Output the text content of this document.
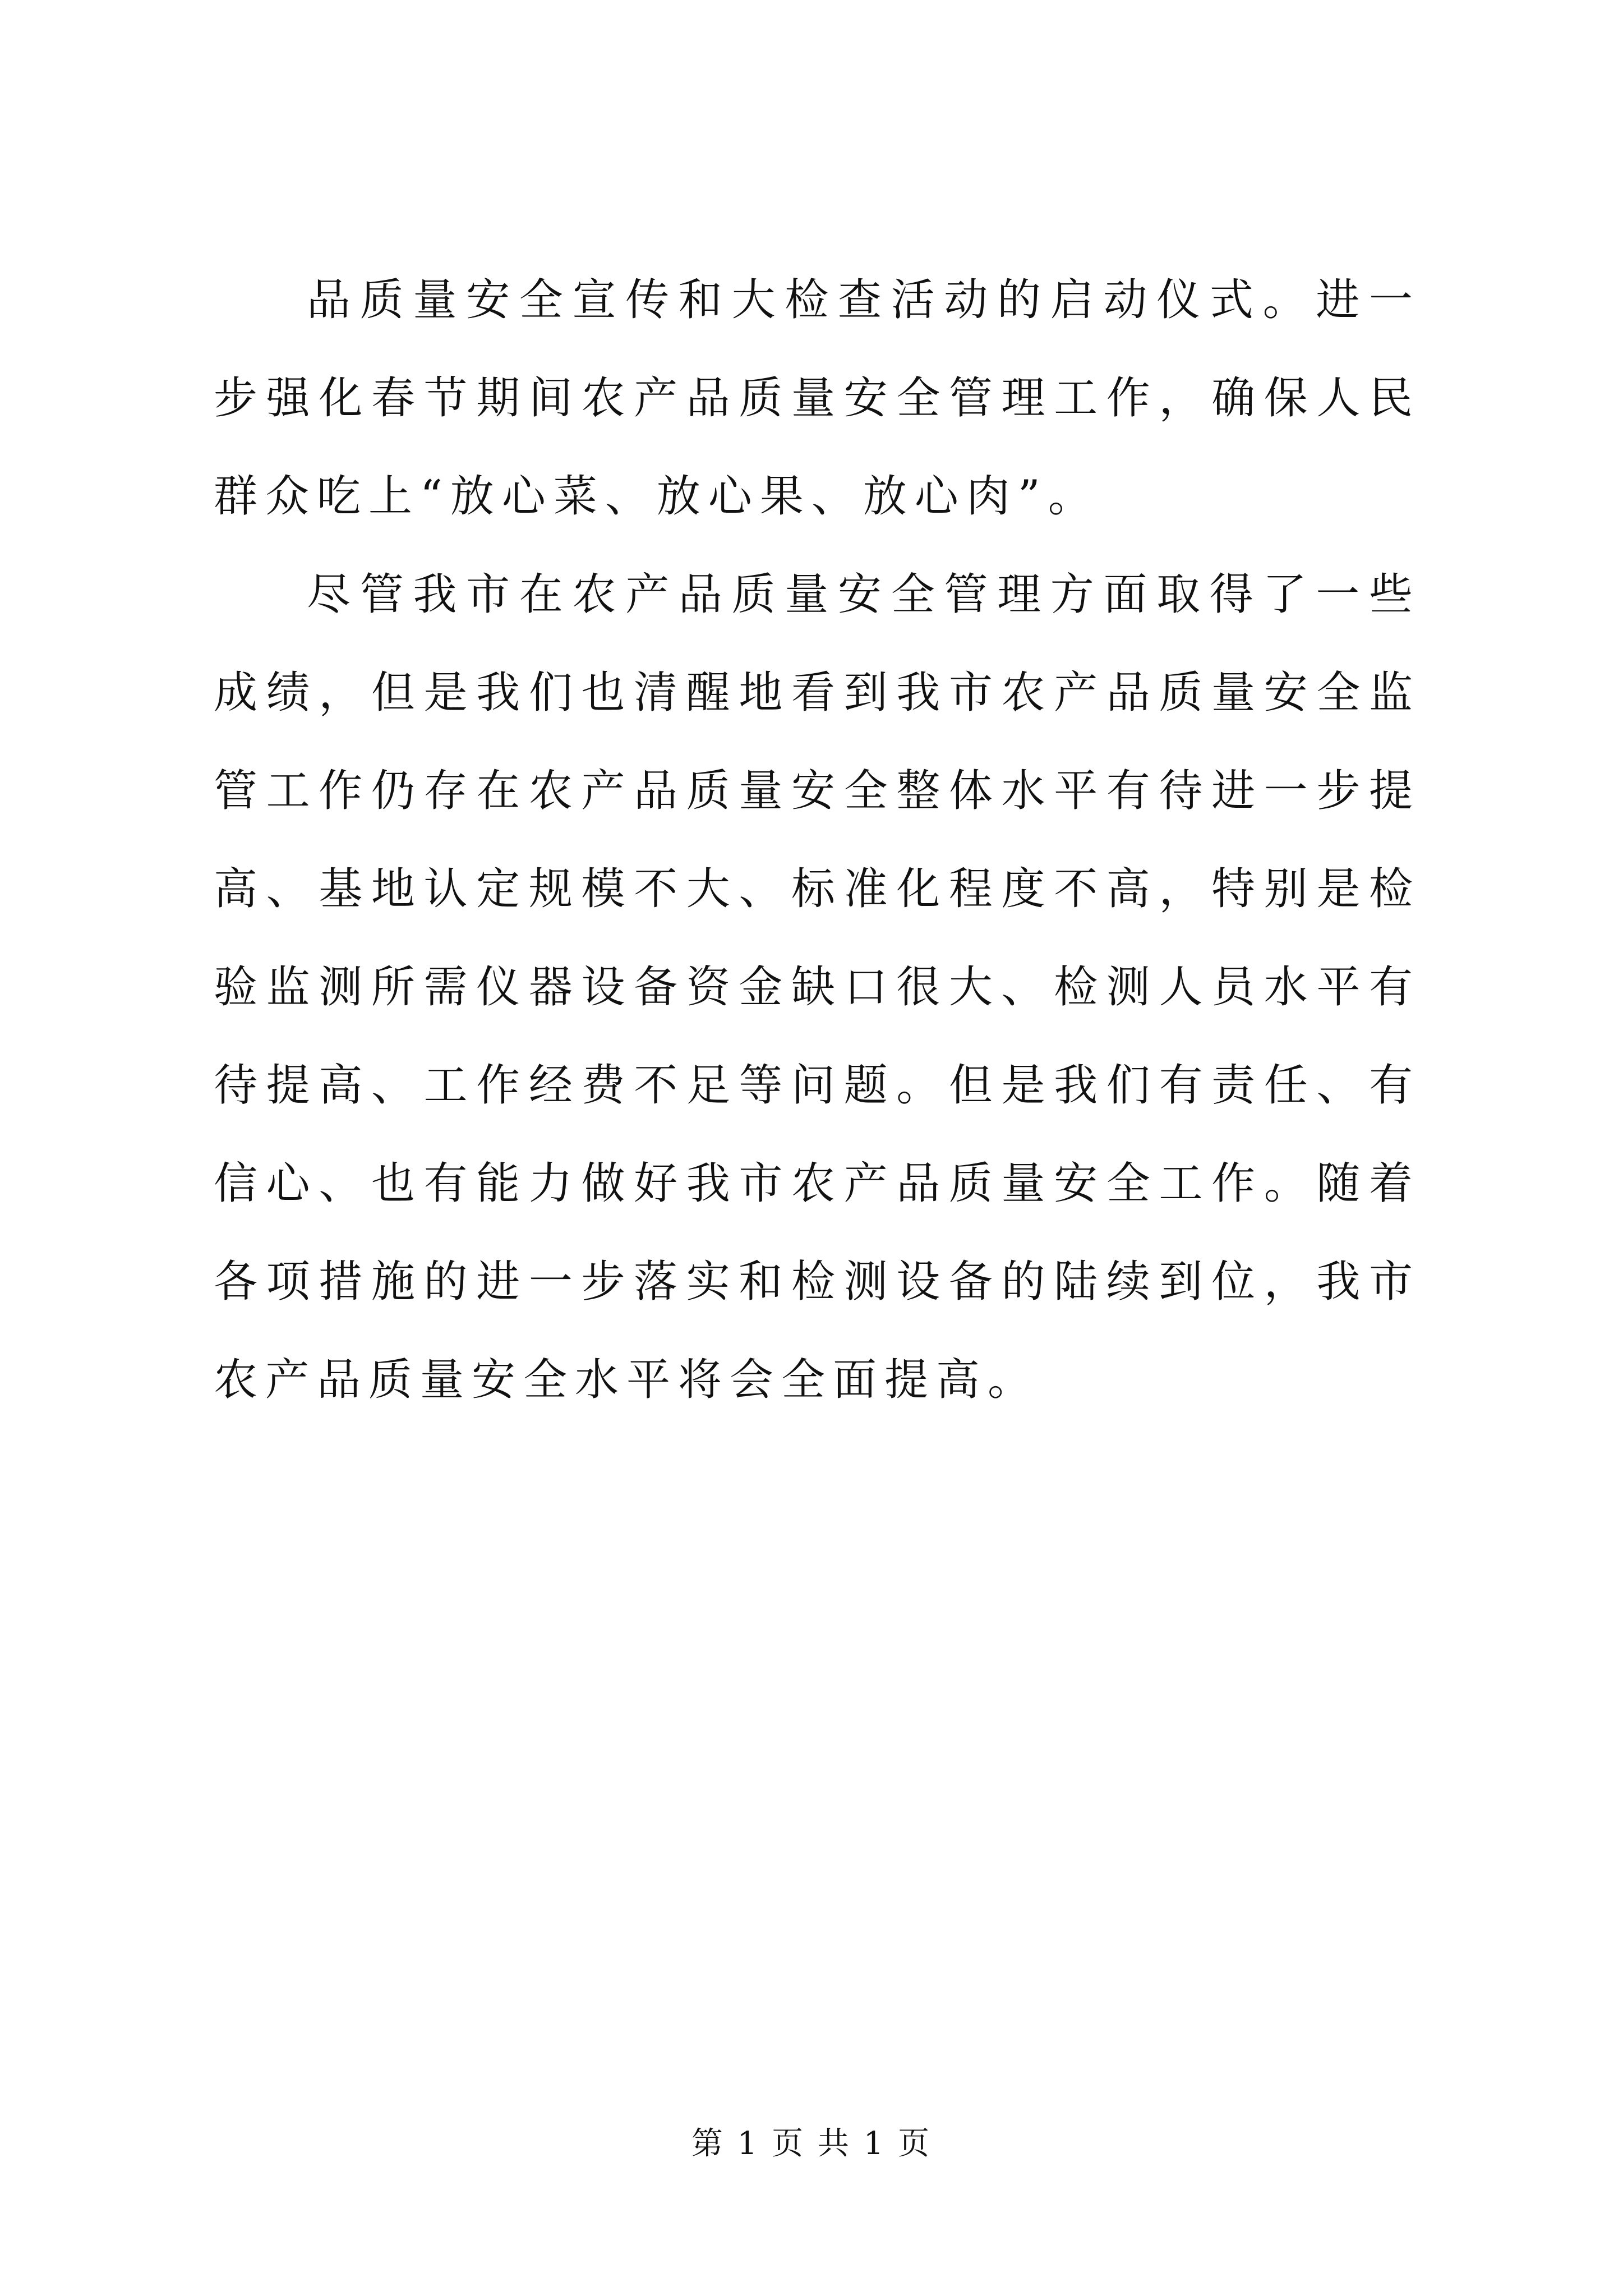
品质量安全宣传和大检查活动的启动仪式。进一步强化春节期间农产品质量安全管理工作，确保人民群众吃上“放心菜、放心果、放心肉”。

尽管我市在农产品质量安全管理方面取得了一些成绩，但是我们也清醒地看到我市农产品质量安全监管工作仍存在农产品质量安全整体水平有待进一步提高、基地认定规模不大、标准化程度不高，特别是检验监测所需仪器设备资金缺口很大、检测人员水平有待提高、工作经费不足等问题。但是我们有责任、有信心、也有能力做好我市农产品质量安全工作。随着各项措施的进一步落实和检测设备的陆续到位，我市农产品质量安全水平将会全面提高。

第 1 页 共 1 页
